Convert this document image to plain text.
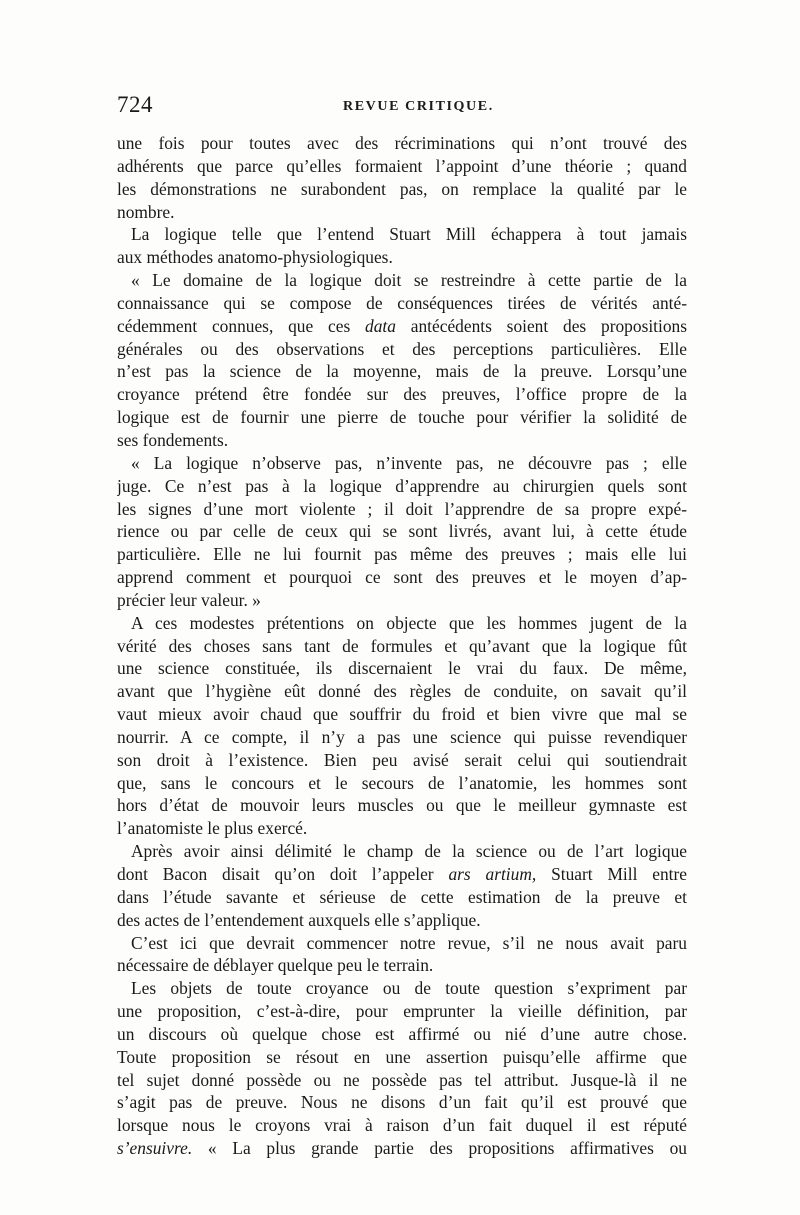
724	REVUE CRITIQUE.
une fois pour toutes avec des récriminations qui n’ont trouvé des
adhérents que parce qu’elles formaient l’appoint d’une théorie ; quand
les démonstrations ne surabondent pas, on remplace la qualité par le
nombre.
La logique telle que l’entend Stuart Mill échappera à tout jamais
aux méthodes anatomo-physiologiques.
« Le domaine de la logique doit se restreindre à cette partie de la
connaissance qui se compose de conséquences tirées de vérités anté-
cédemment connues, que ces data antécédents soient des propositions
générales ou des observations et des perceptions particulières. Elle
n’est pas la science de la moyenne, mais de la preuve. Lorsqu’une
croyance prétend être fondée sur des preuves, l’office propre de la
logique est de fournir une pierre de touche pour vérifier la solidité de
ses fondements.
« La logique n’observe pas, n’invente pas, ne découvre pas ; elle
juge. Ce n’est pas à la logique d’apprendre au chirurgien quels sont
les signes d’une mort violente ; il doit l’apprendre de sa propre expé-
rience ou par celle de ceux qui se sont livrés, avant lui, à cette étude
particulière. Elle ne lui fournit pas même des preuves ; mais elle lui
apprend comment et pourquoi ce sont des preuves et le moyen d’ap-
précier leur valeur. »
A ces modestes prétentions on objecte que les hommes jugent de la
vérité des choses sans tant de formules et qu’avant que la logique fût
une science constituée, ils discernaient le vrai du faux. De même,
avant que l’hygiène eût donné des règles de conduite, on savait qu’il
vaut mieux avoir chaud que souffrir du froid et bien vivre que mal se
nourrir. A ce compte, il n’y a pas une science qui puisse revendiquer
son droit à l’existence. Bien peu avisé serait celui qui soutiendrait
que, sans le concours et le secours de l’anatomie, les hommes sont
hors d’état de mouvoir leurs muscles ou que le meilleur gymnaste est
l’anatomiste le plus exercé.
Après avoir ainsi délimité le champ de la science ou de l’art logique
dont Bacon disait qu’on doit l’appeler ars artium, Stuart Mill entre
dans l’étude savante et sérieuse de cette estimation de la preuve et
des actes de l’entendement auxquels elle s’applique.
C’est ici que devrait commencer notre revue, s’il ne nous avait paru
nécessaire de déblayer quelque peu le terrain.
Les objets de toute croyance ou de toute question s’expriment par
une proposition, c’est-à-dire, pour emprunter la vieille définition, par
un discours où quelque chose est affirmé ou nié d’une autre chose.
Toute proposition se résout en une assertion puisqu’elle affirme que
tel sujet donné possède ou ne possède pas tel attribut. Jusque-là il ne
s’agit pas de preuve. Nous ne disons d’un fait qu’il est prouvé que
lorsque nous le croyons vrai à raison d’un fait duquel il est réputé
s’ensuivre. « La plus grande partie des propositions affirmatives ou
